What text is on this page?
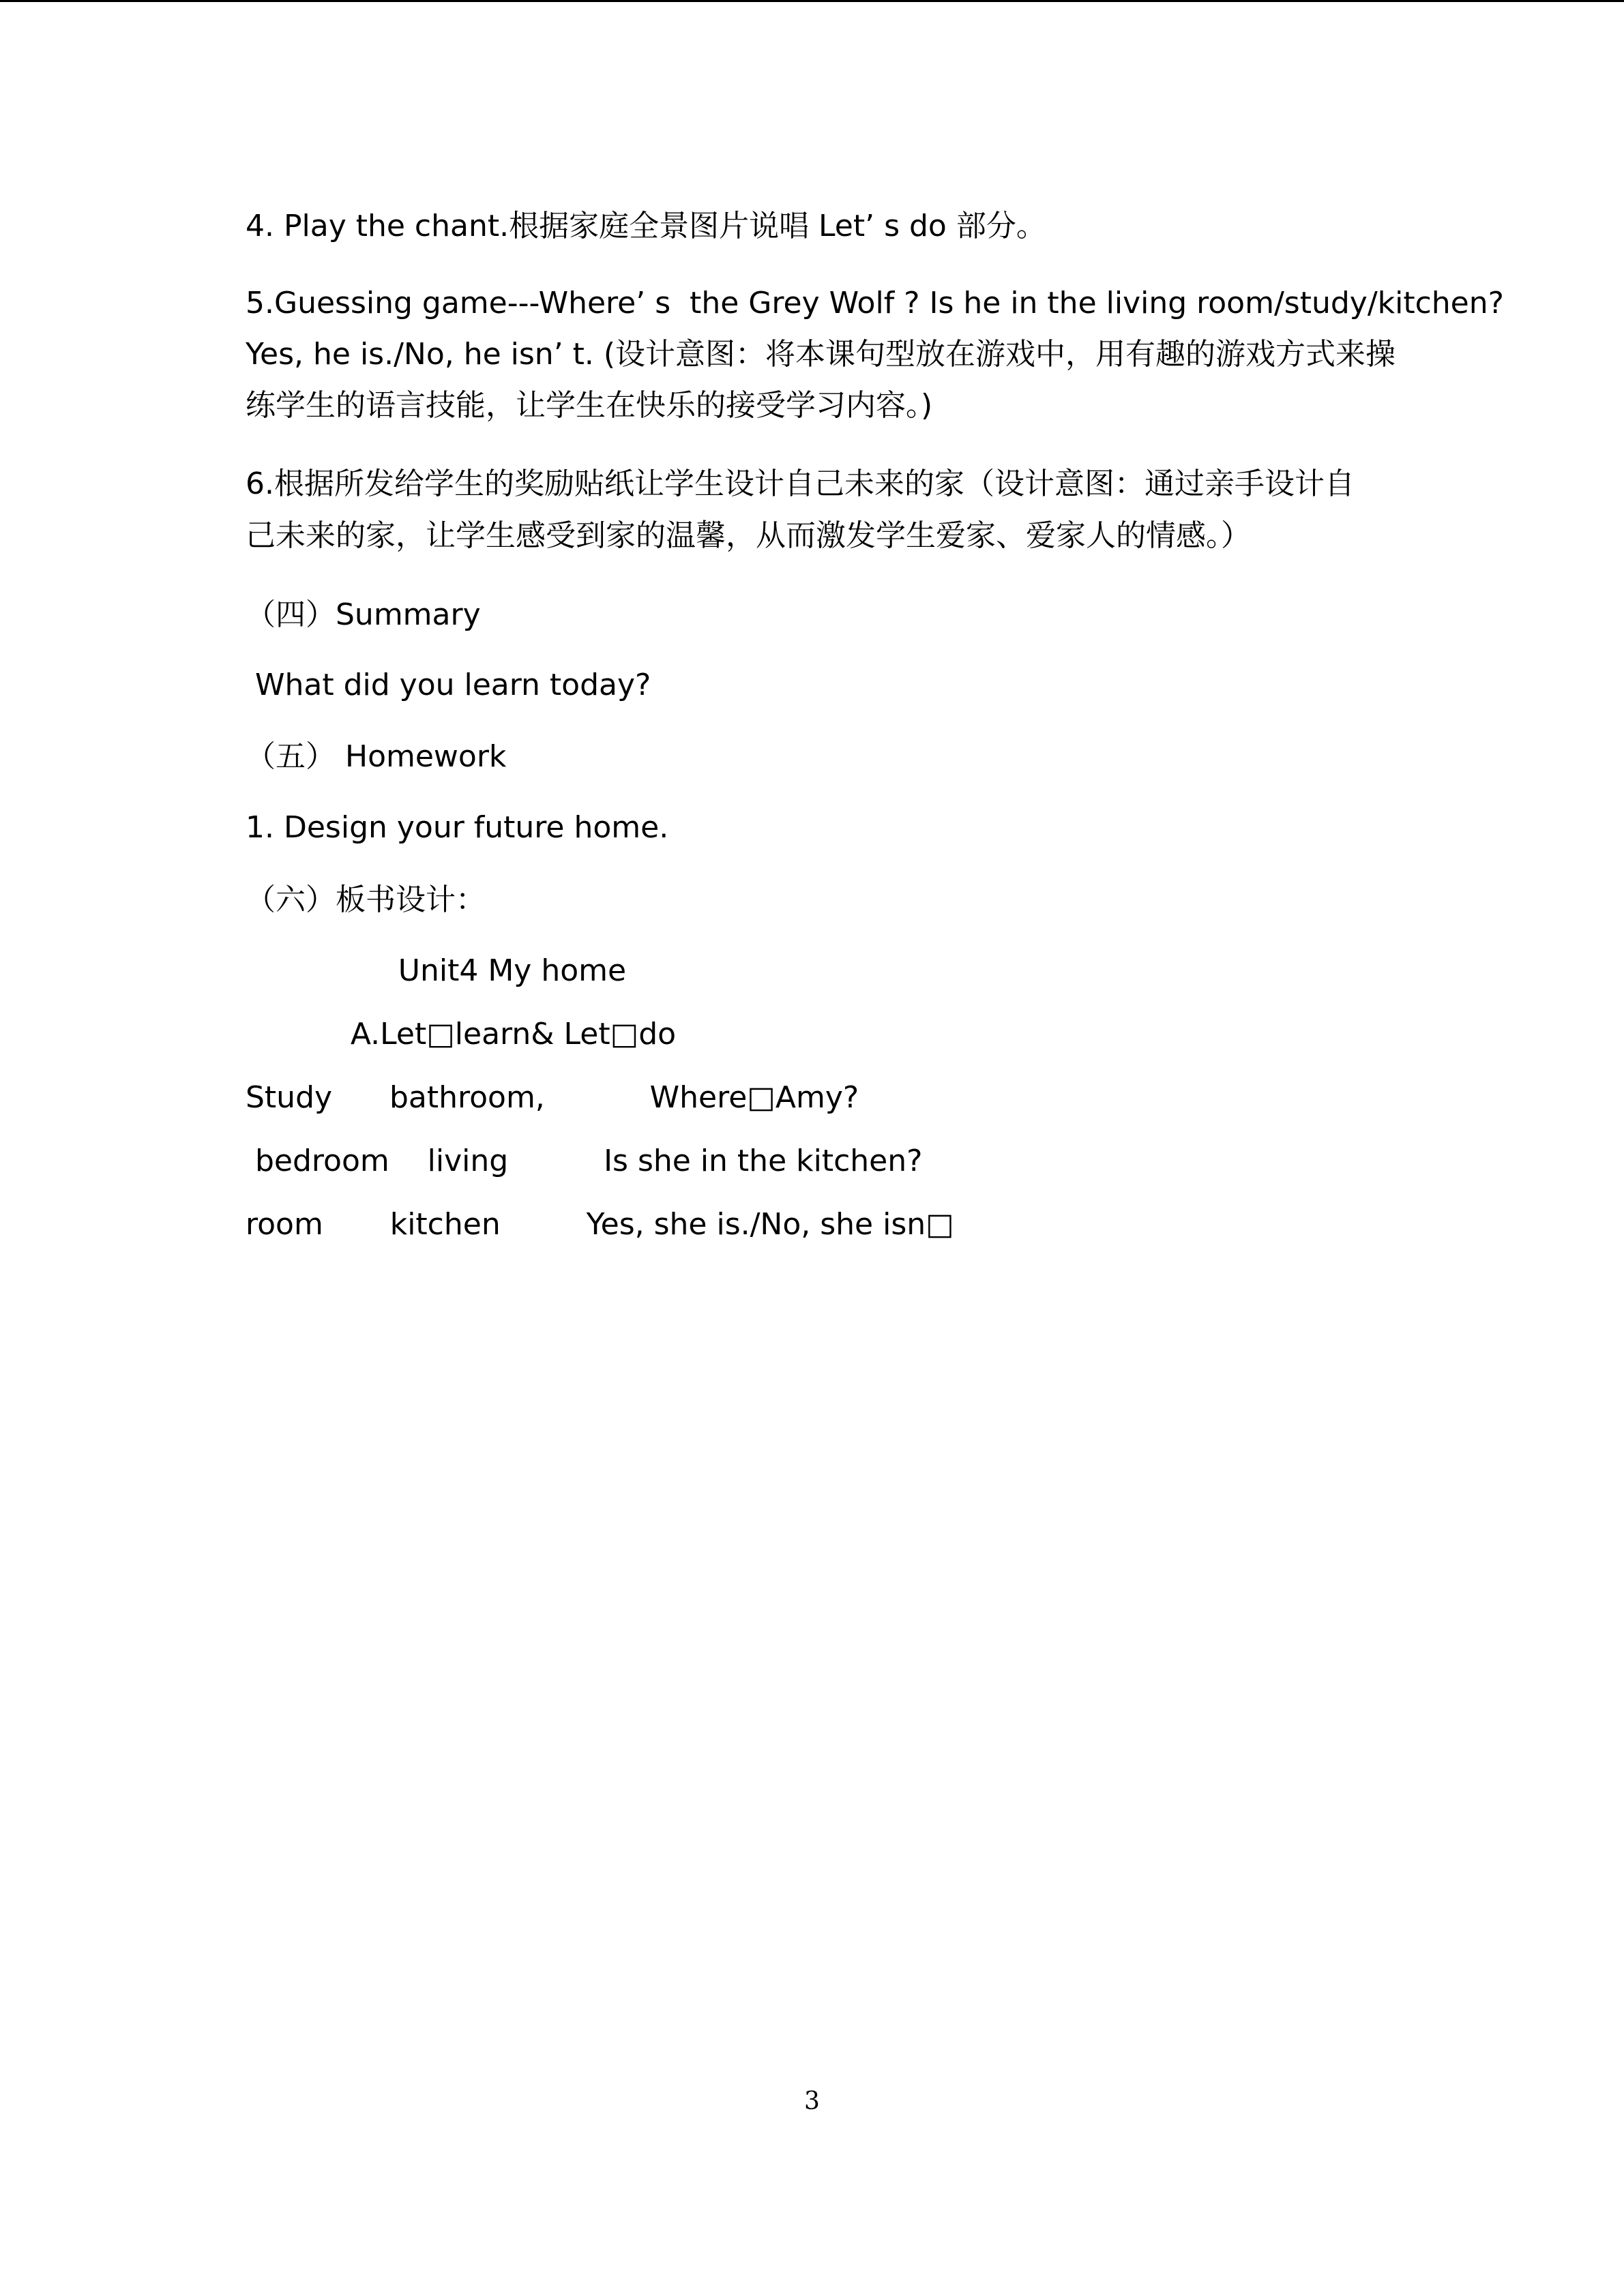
4. Play the chant.根据家庭全景图片说唱 Let’ s do 部分。
5.Guessing game---Where’ s  the Grey Wolf ? Is he in the living room/study/kitchen?
Yes, he is./No, he isn’ t. (设计意图：将本课句型放在游戏中，用有趣的游戏方式来操
练学生的语言技能，让学生在快乐的接受学习内容。)
6.根据所发给学生的奖励贴纸让学生设计自己未来的家（设计意图：通过亲手设计自
己未来的家，让学生感受到家的温馨，从而激发学生爱家、爱家人的情感。）
（四）Summary
What did you learn today?
（五） Homework
1. Design your future home.
（六）板书设计：
Unit4 My home
A.Let□learn& Let□do
Study      bathroom,           Where□Amy?
bedroom    living          Is she in the kitchen?
room       kitchen         Yes, she is./No, she isn□
3
